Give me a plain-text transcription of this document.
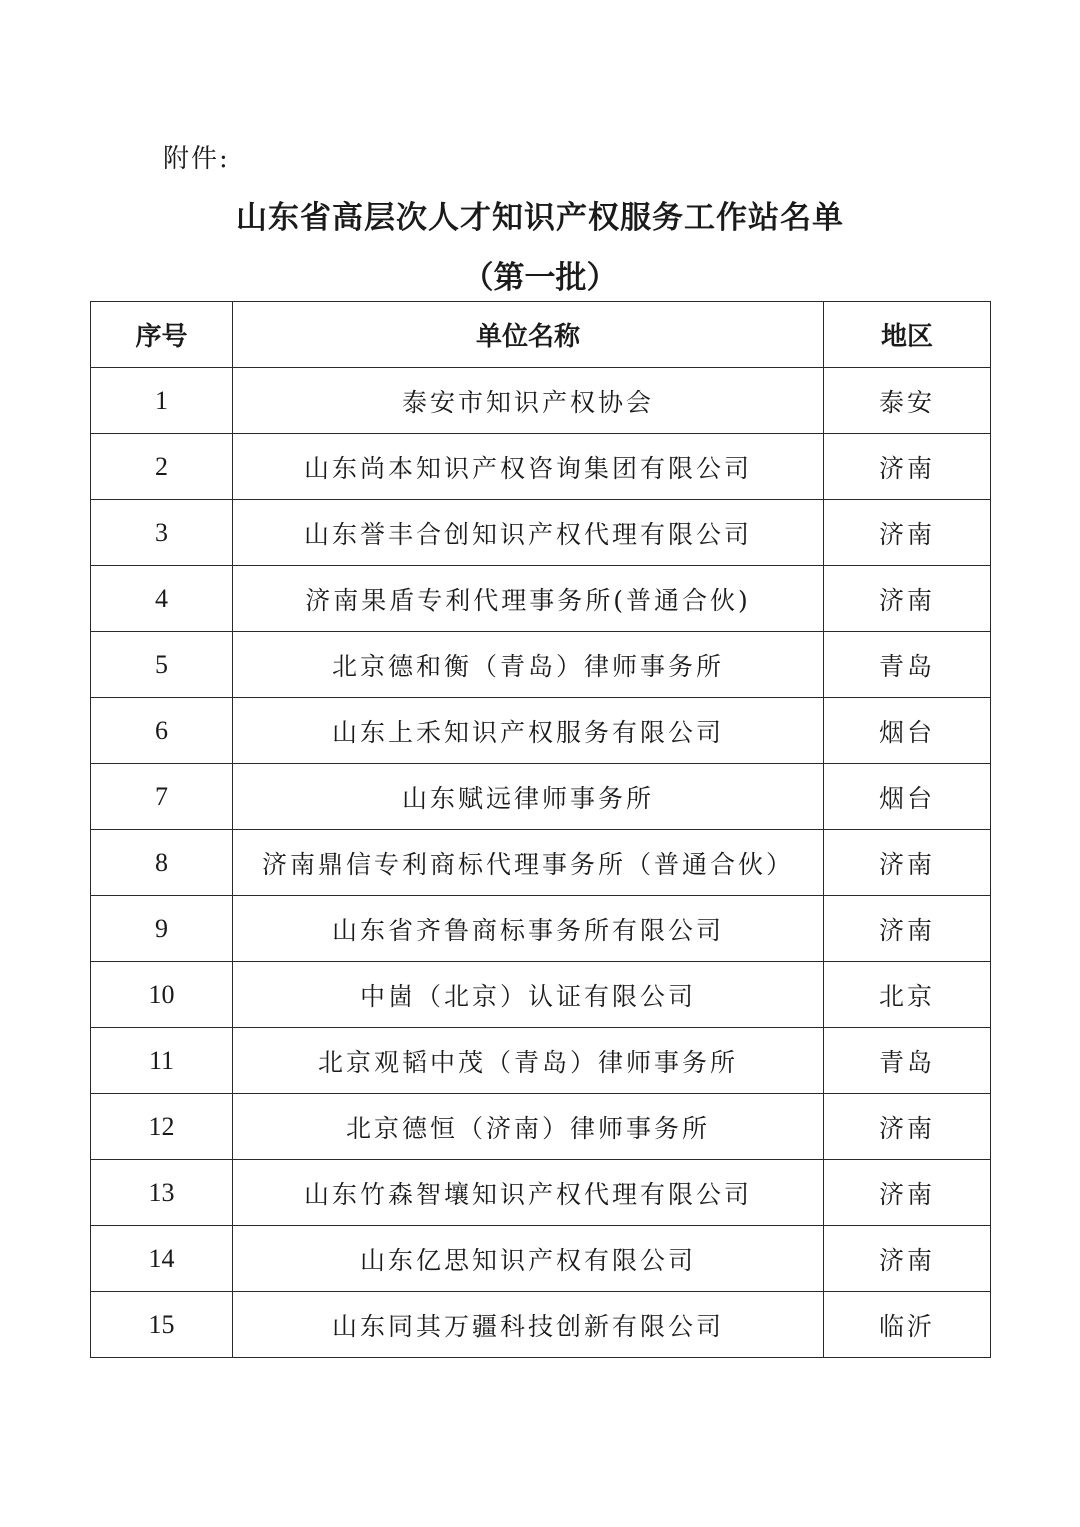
附件:
山东省高层次人才知识产权服务工作站名单
（第一批）
序号	单位名称	地区
1	泰安市知识产权协会	泰安
2	山东尚本知识产权咨询集团有限公司	济南
3	山东誉丰合创知识产权代理有限公司	济南
4	济南果盾专利代理事务所(普通合伙)	济南
5	北京德和衡（青岛）律师事务所	青岛
6	山东上禾知识产权服务有限公司	烟台
7	山东赋远律师事务所	烟台
8	济南鼎信专利商标代理事务所（普通合伙）	济南
9	山东省齐鲁商标事务所有限公司	济南
10	中崮（北京）认证有限公司	北京
11	北京观韬中茂（青岛）律师事务所	青岛
12	北京德恒（济南）律师事务所	济南
13	山东竹森智壤知识产权代理有限公司	济南
14	山东亿思知识产权有限公司	济南
15	山东同其万疆科技创新有限公司	临沂
